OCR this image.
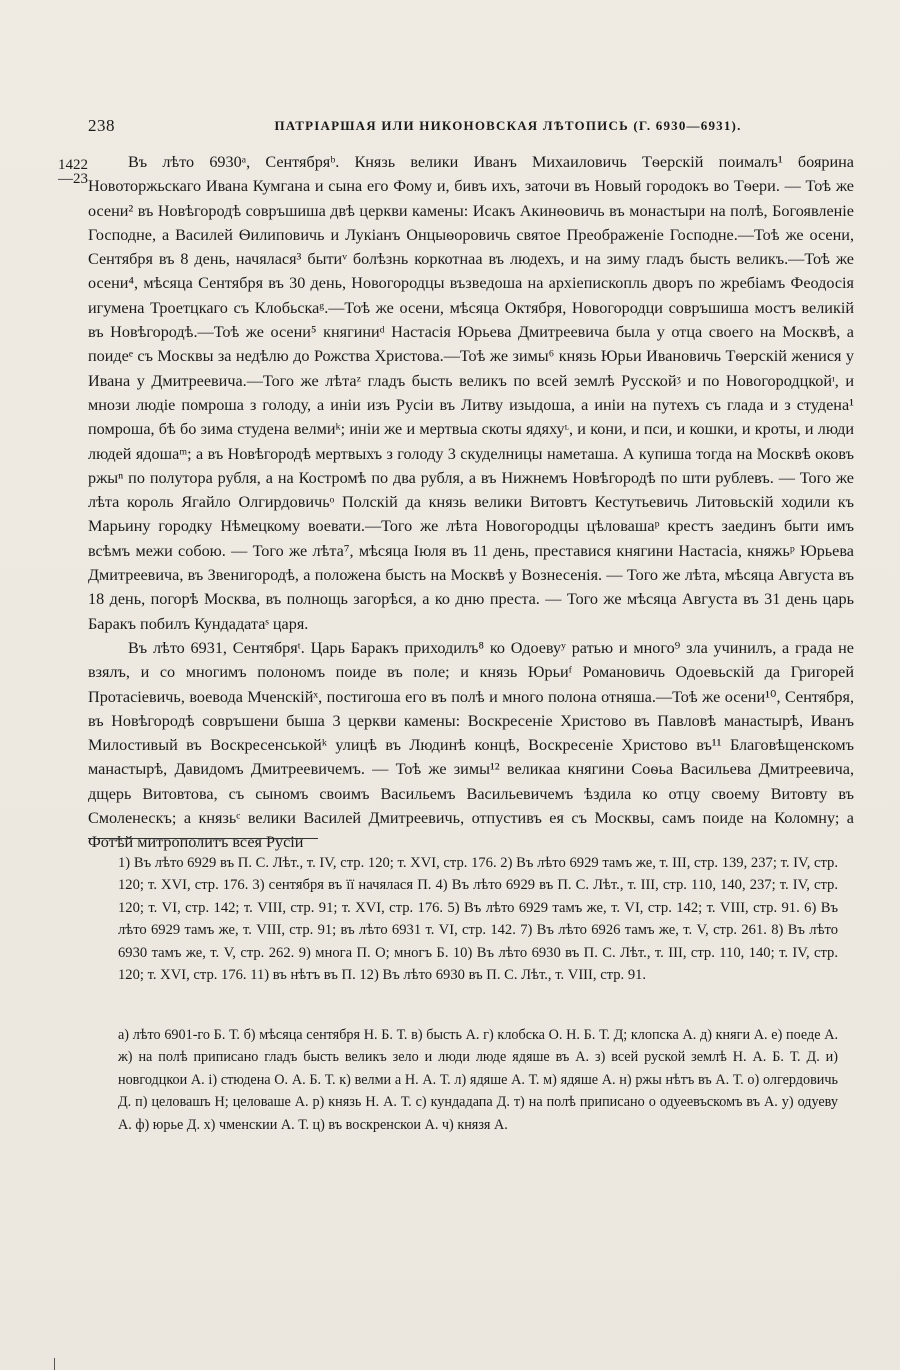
238	ПАТРІАРШАЯ ИЛИ НИКОНОВСКАЯ ЛѢТОПИСЬ (Г. 6930—6931).
1422
—23

Въ лѣто 6930ᵃ, Сентябряᵇ. Князь велики Иванъ Михаиловичь Тѳерскій поималъ¹ боярина Новоторжьскаго Ивана Кумгана и сына его Фому и, бивъ ихъ, заточи въ Новый городокъ во Тѳери. — Тоѣ же осени² въ Новѣгородѣ совръшиша двѣ церкви камены: Исакъ Акинѳовичь въ монастыри на полѣ, Богоявленіе Господне, а Василей Ѳилиповичь и Лукіанъ Онцыѳоровичь святое Преображеніе Господне.—Тоѣ же осени, Сентября въ 8 день, начялася³ бытиᵛ болѣзнь коркотнаа въ людехъ, и на зиму гладъ бысть великъ.—Тоѣ же осени⁴, мѣсяца Сентября въ 30 день, Новогородцы възведоша на архіепископль дворъ по жребіамъ Феодосія игумена Троетцкаго съ Клобьскаᵍ.—Тоѣ же осени, мѣсяца Октября, Новогородци совръшиша мостъ великій въ Новѣгородѣ.—Тоѣ же осени⁵ княгиниᵈ Настасія Юрьева Дмитреевича была у отца своего на Москвѣ, а поидеᵉ съ Москвы за недѣлю до Рожства Христова.—Тоѣ же зимы⁶ князь Юрьи Ивановичь Тѳерскій женися у Ивана у Дмитреевича.—Того же лѣтаᶻ гладъ бысть великъ по всей землѣ Русскойᶾ и по Новогородцкойᶦ, и мнози людіе помроша з голоду, а иніи изъ Русіи въ Литву изыдоша, а иніи на путехъ съ глада и з студена¹ помроша, бѣ бо зима студена велмиᵏ; иніи же и мертвыа скоты ядяхуᶫ, и кони, и пси, и кошки, и кроты, и люди людей ядошаᵐ; а въ Новѣгородѣ мертвыхъ з голоду 3 скуделницы наметаша. А купиша тогда на Москвѣ оковъ ржыⁿ по полутора рубля, а на Костромѣ по два рубля, а въ Нижнемъ Новѣгородѣ по шти рублевъ. — Того же лѣта король Ягайло Олгирдовичьᵒ Полскій да князь велики Витовтъ Кестутьевичь Литовьскій ходили къ Марьину городку Нѣмецкому воевати.—Того же лѣта Новогородцы цѣловашаᵖ крестъ заединъ быти имъ всѣмъ межи собою. — Того же лѣта⁷, мѣсяца Іюля въ 11 день, преставися княгини Настасіа, княжьᵖ Юрьева Дмитреевича, въ Звенигородѣ, а положена бысть на Москвѣ у Вознесенія. — Того же лѣта, мѣсяца Августа въ 18 день, погорѣ Москва, въ полнощь загорѣся, а ко дню преста. — Того же мѣсяца Августа въ 31 день царь Баракъ побилъ Кундадатаˢ царя.

Въ лѣто 6931, Сентябряᵗ. Царь Баракъ приходилъ⁸ ко Одоевуʸ ратью и много⁹ зла учинилъ, а града не взялъ, и со многимъ полономъ поиде въ поле; и князь Юрьиᶠ Романовичь Одоевьскій да Григорей Протасіевичь, воевода Мченскійˣ, постигоша его въ полѣ и много полона отняша.—Тоѣ же осени¹⁰, Сентября, въ Новѣгородѣ совръшени быша 3 церкви камены: Воскресеніе Христово въ Павловѣ манастырѣ, Иванъ Милостивый въ Воскресенськойᵏ улицѣ въ Людинѣ концѣ, Воскресеніе Христово въ¹¹ Благовѣщенскомъ манастырѣ, Давидомъ Дмитреевичемъ. — Тоѣ же зимы¹² великаа княгини Соѳьа Васильева Дмитреевича, дщерь Витовтова, съ сыномъ своимъ Васильемъ Васильевичемъ ѣздила ко отцу своему Витовту въ Смоленескъ; а князьᶜ велики Василей Дмитреевичь, отпустивъ ея съ Москвы, самъ поиде на Коломну; а Фотѣй митрополитъ всея Русіи

1) Въ лѣто 6929 въ П. С. Лѣт., т. IV, стр. 120; т. XVI, стр. 176. 2) Въ лѣто 6929 тамъ же, т. III, стр. 139, 237; т. IV, стр. 120; т. XVI, стр. 176. 3) сентября въ її начялася П. 4) Въ лѣто 6929 въ П. С. Лѣт., т. III, стр. 110, 140, 237; т. IV, стр. 120; т. VI, стр. 142; т. VIII, стр. 91; т. XVI, стр. 176. 5) Въ лѣто 6929 тамъ же, т. VI, стр. 142; т. VIII, стр. 91. 6) Въ лѣто 6929 тамъ же, т. VIII, стр. 91; въ лѣто 6931 т. VI, стр. 142. 7) Въ лѣто 6926 тамъ же, т. V, стр. 261. 8) Въ лѣто 6930 тамъ же, т. V, стр. 262. 9) многа П. О; многъ Б. 10) Въ лѣто 6930 въ П. С. Лѣт., т. III, стр. 110, 140; т. IV, стр. 120; т. XVI, стр. 176. 11) въ нѣтъ въ П. 12) Въ лѣто 6930 въ П. С. Лѣт., т. VIII, стр. 91.

а) лѣто 6901-го Б. Т. б) мѣсяца сентября Н. Б. Т. в) бысть А. г) клобска О. Н. Б. Т. Д; клопска А. д) княги А. е) поеде А. ж) на полѣ приписано гладъ бысть великъ зело и люди люде ядяше въ А. з) всей руской землѣ Н. А. Б. Т. Д. и) новгодцкои А. і) стюдена О. А. Б. Т. к) велми а Н. А. Т. л) ядяше А. Т. м) ядяше А. н) ржы нѣтъ въ А. Т. о) олгердовичь Д. п) целовашъ Н; целоваше А. р) князь Н. А. Т. с) кундадапа Д. т) на полѣ приписано о одуеевъскомъ въ А. у) одуеву А. ф) юрье Д. х) чменскии А. Т. ц) въ воскренскои А. ч) князя А.
